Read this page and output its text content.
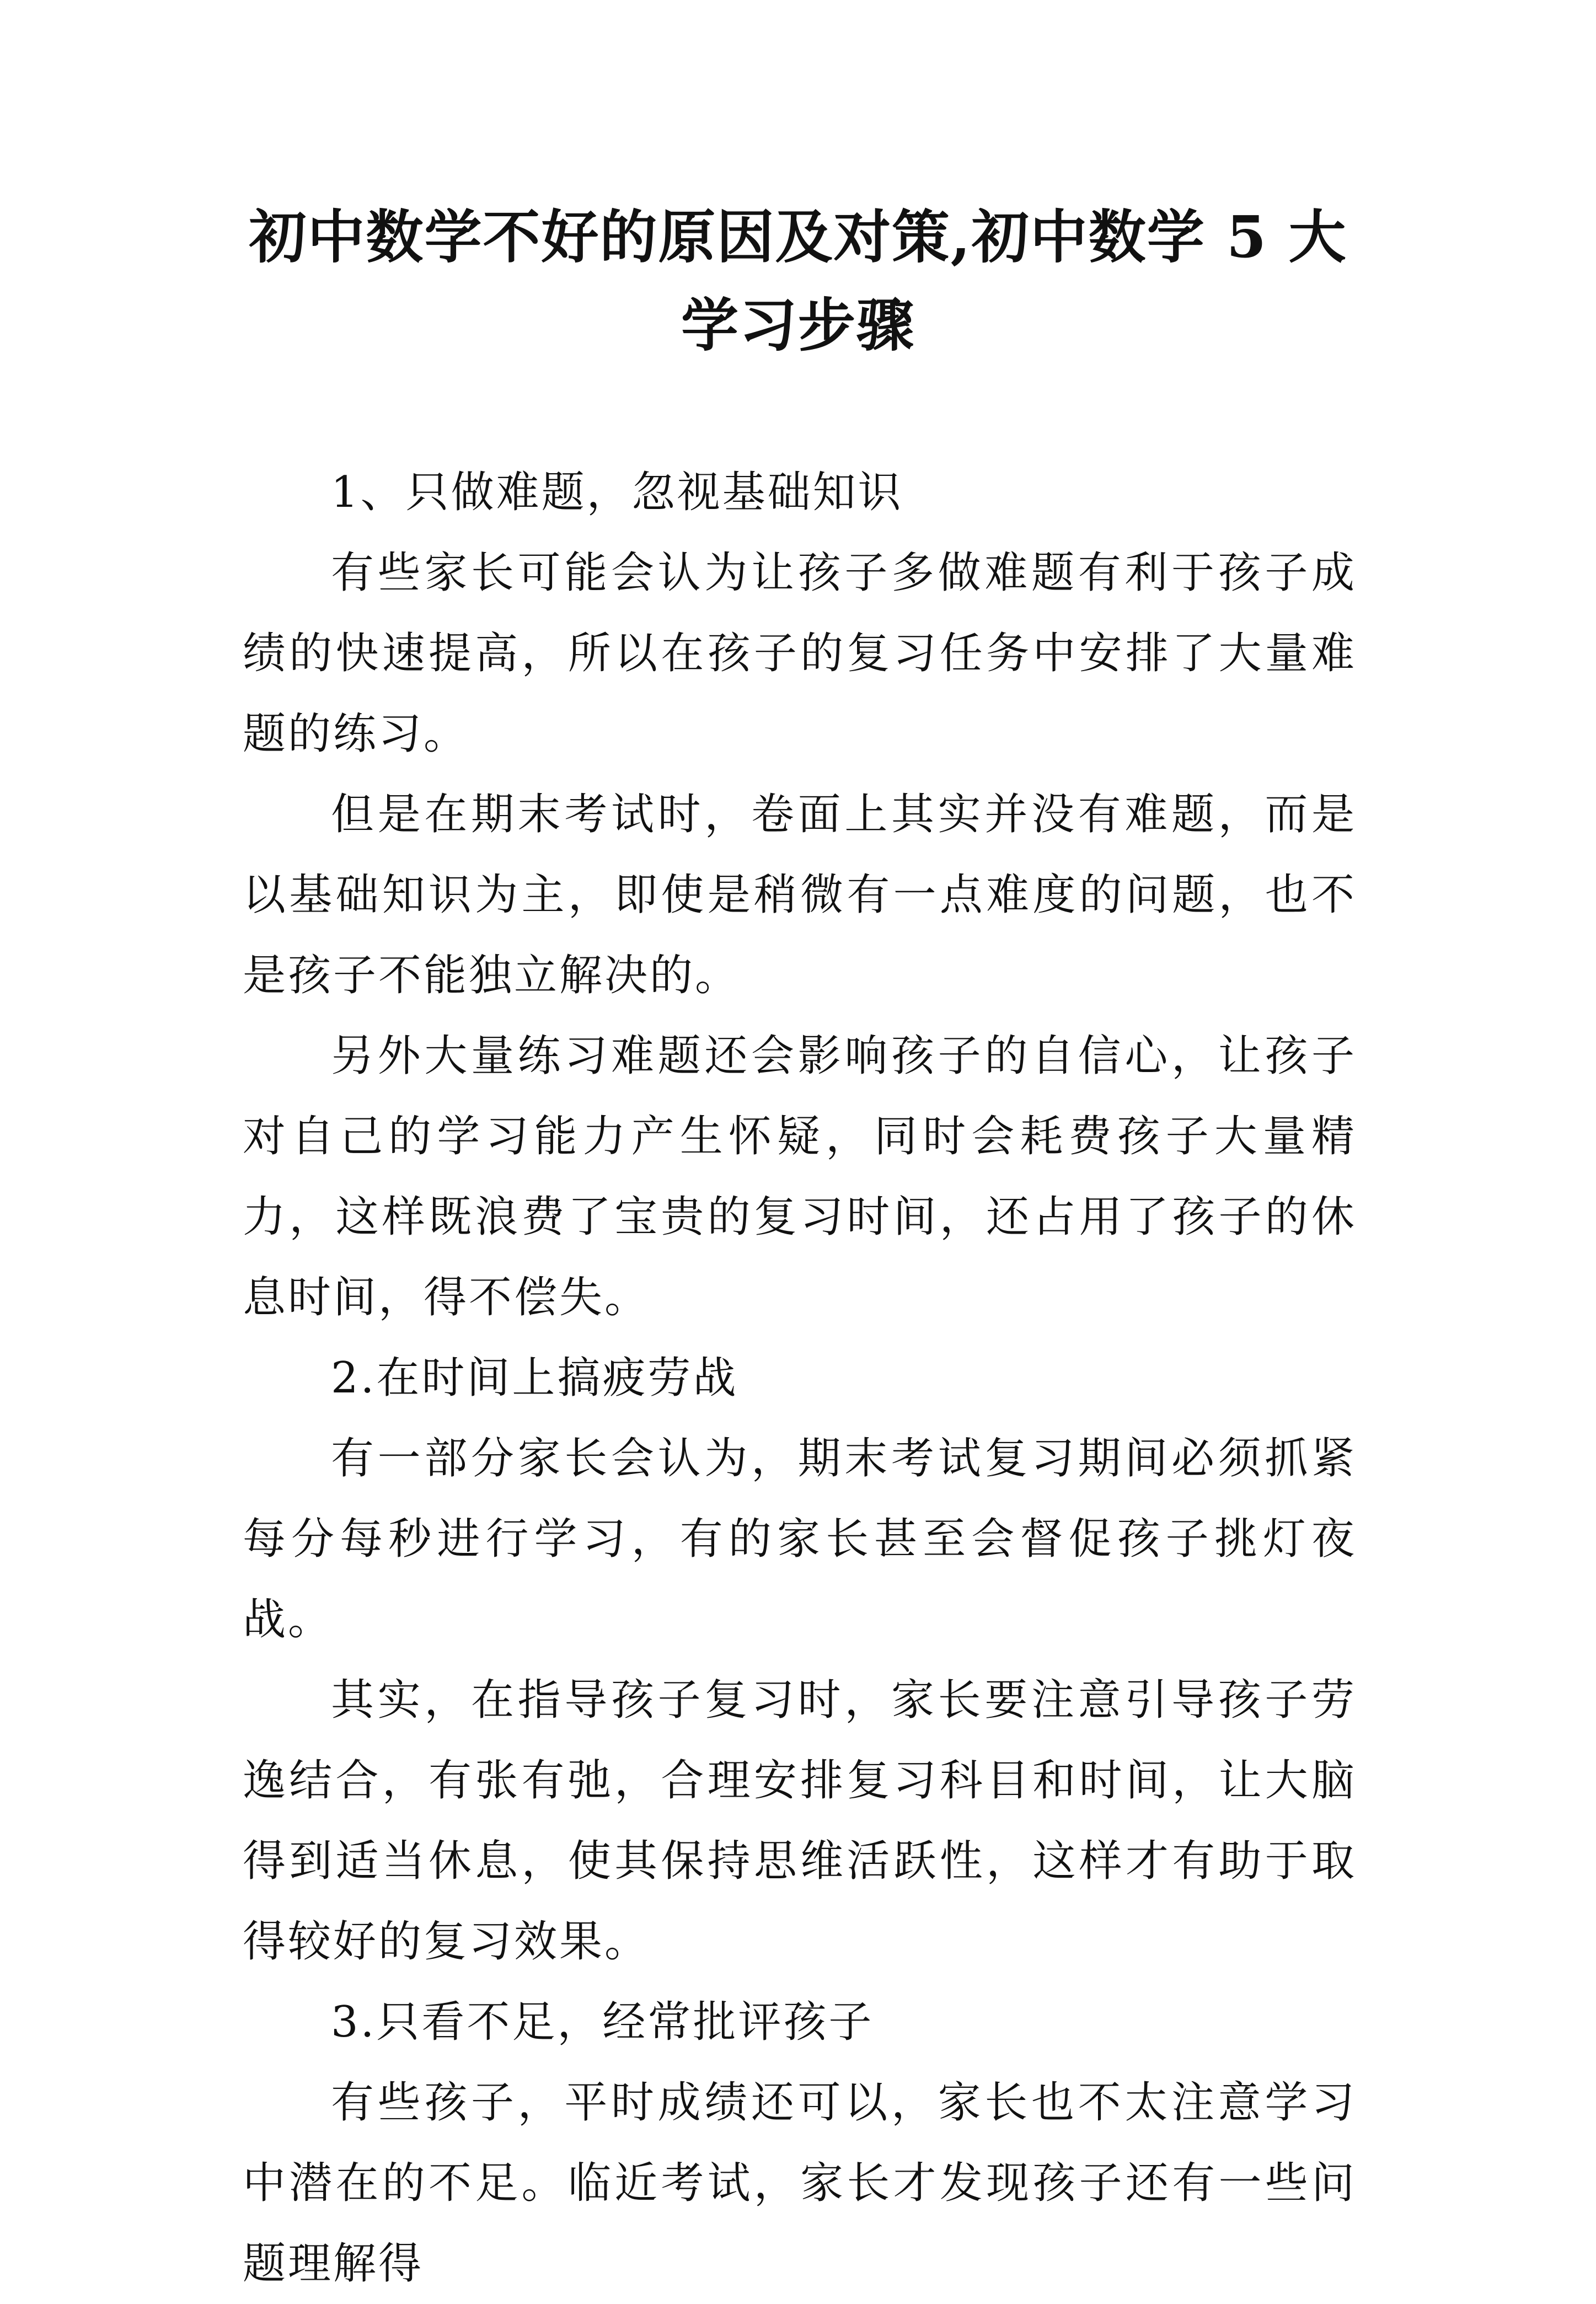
初中数学不好的原因及对策,初中数学 5 大学习步骤

1、只做难题，忽视基础知识

有些家长可能会认为让孩子多做难题有利于孩子成绩的快速提高，所以在孩子的复习任务中安排了大量难题的练习。

但是在期末考试时，卷面上其实并没有难题，而是以基础知识为主，即使是稍微有一点难度的问题，也不是孩子不能独立解决的。

另外大量练习难题还会影响孩子的自信心，让孩子对自己的学习能力产生怀疑，同时会耗费孩子大量精力，这样既浪费了宝贵的复习时间，还占用了孩子的休息时间，得不偿失。

2.在时间上搞疲劳战

有一部分家长会认为，期末考试复习期间必须抓紧每分每秒进行学习，有的家长甚至会督促孩子挑灯夜战。

其实，在指导孩子复习时，家长要注意引导孩子劳逸结合，有张有弛，合理安排复习科目和时间，让大脑得到适当休息，使其保持思维活跃性，这样才有助于取得较好的复习效果。

3.只看不足，经常批评孩子

有些孩子，平时成绩还可以，家长也不太注意学习中潜在的不足。临近考试，家长才发现孩子还有一些问题理解得
